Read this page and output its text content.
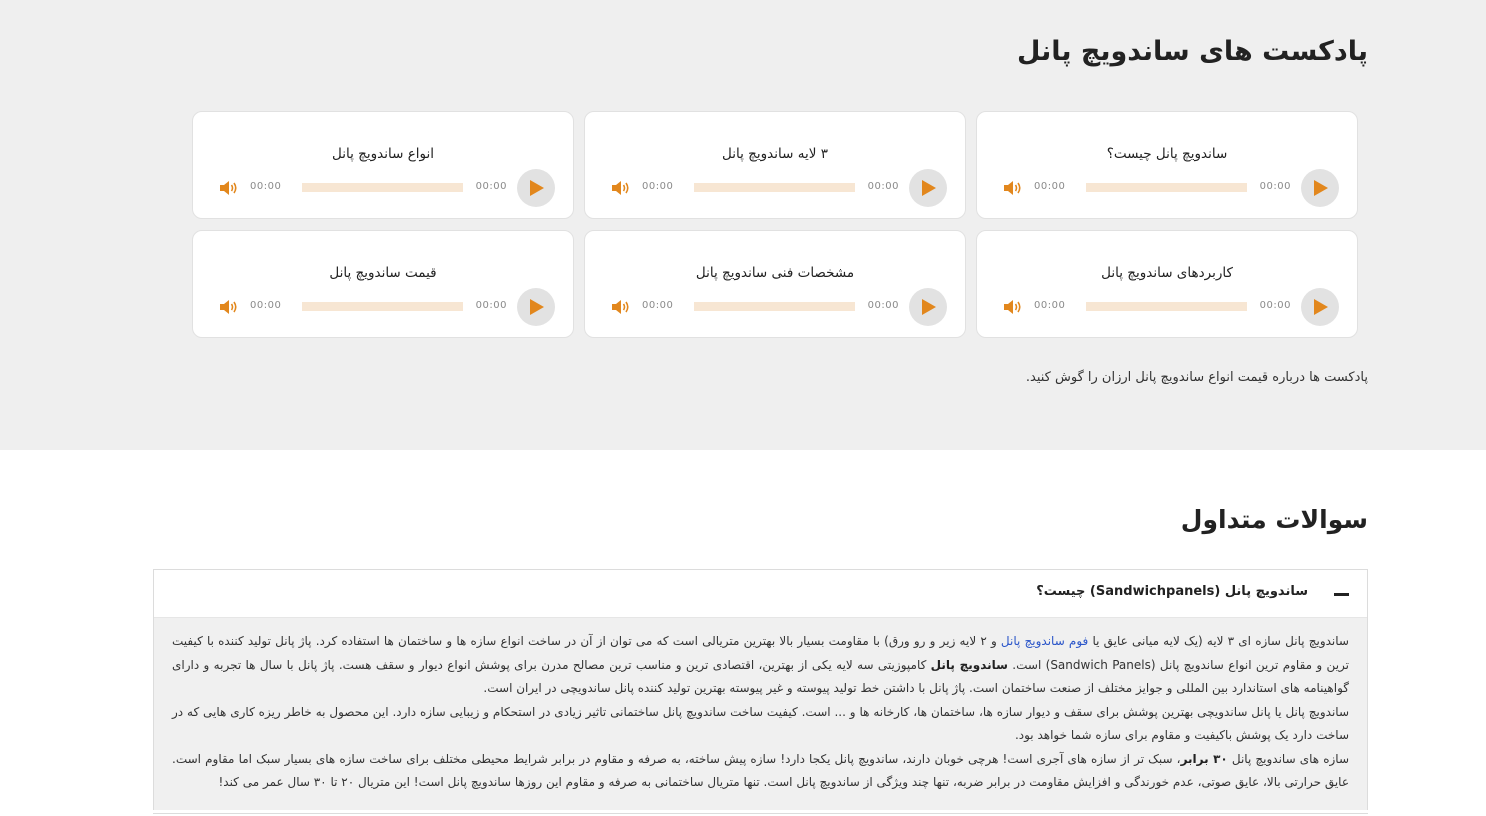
پادکست های ساندویچ پانل
ساندویچ پانل چیست؟
00:00
00:00
۳ لایه ساندویچ پانل
00:00
00:00
انواع ساندویچ پانل
00:00
00:00
کاربردهای ساندویچ پانل
00:00
00:00
مشخصات فنی ساندویچ پانل
00:00
00:00
قیمت ساندویچ پانل
00:00
00:00

پادکست ها درباره قیمت انواع ساندویچ پانل ارزان را گوش کنید.

سوالات متداول
ساندویچ پانل (Sandwichpanels) چیست؟

ساندویچ پانل سازه ای ۳ لایه (یک لایه میانی عایق یا فوم ساندویچ پانل و ۲ لایه زیر و رو ورق) با مقاومت بسیار بالا بهترین متریالی است که می توان از آن در ساخت انواع سازه ها و ساختمان ها استفاده کرد. پاژ پانل تولید کننده با کیفیت ترین و مقاوم ترین انواع ساندویچ پانل (Sandwich Panels) است. ساندویچ پانل کامپوزیتی سه لایه یکی از بهترین، اقتصادی ترین و مناسب ترین مصالح مدرن برای پوشش انواع دیوار و سقف هست. پاژ پانل با سال ها تجربه و دارای گواهینامه های استاندارد بین المللی و جوایز مختلف از صنعت ساختمان است. پاژ پانل با داشتن خط تولید پیوسته و غیر پیوسته بهترین تولید کننده پانل ساندویچی در ایران است.

ساندویچ پانل یا پانل ساندویچی بهترین پوشش برای سقف و دیوار سازه ها، ساختمان ها، کارخانه ها و ... است. کیفیت ساخت ساندویچ پانل ساختمانی تاثیر زیادی در استحکام و زیبایی سازه دارد. این محصول به خاطر ریزه کاری هایی که در ساخت دارد یک پوشش باکیفیت و مقاوم برای سازه شما خواهد بود.

سازه های ساندویچ پانل ۳۰ برابر، سبک تر از سازه های آجری است! هرچی خوبان دارند، ساندویچ پانل یکجا دارد! سازه پیش ساخته، به صرفه و مقاوم در برابر شرایط محیطی مختلف برای ساخت سازه های بسیار سبک اما مقاوم است. عایق حرارتی بالا، عایق صوتی، عدم خورندگی و افزایش مقاومت در برابر ضربه، تنها چند ویژگی از ساندویچ پانل است. تنها متریال ساختمانی به صرفه و مقاوم این روزها ساندویچ پانل است! این متریال ۲۰ تا ۳۰ سال عمر می کند!
